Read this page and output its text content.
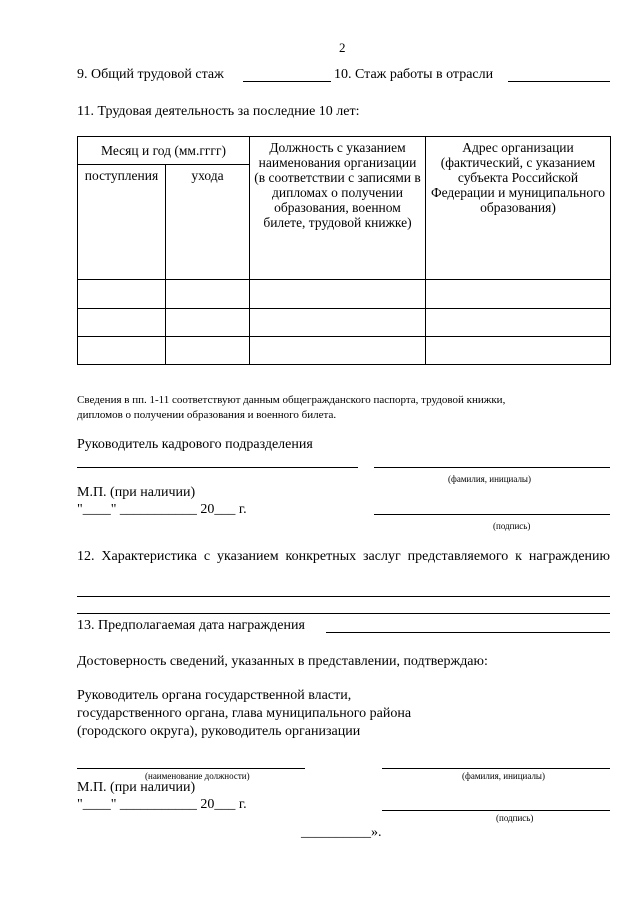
2
9. Общий трудовой стаж	10. Стаж работы в отрасли
11. Трудовая деятельность за последние 10 лет:
Месяц и год (мм.гггг)		Должность с указанием наименования организации (в соответствии с записями в дипломах о получении образования, военном билете, трудовой книжке)	Адрес организации (фактический, с указанием субъекта Российской Федерации и муниципального образования)
поступления	ухода		

Сведения в пп. 1-11 соответствуют данным общегражданского паспорта, трудовой книжки, дипломов о получении образования и военного билета.
Руководитель кадрового подразделения
(фамилия, инициалы)
М.П. (при наличии)
"____" ___________ 20___ г.
(подпись)
12. Характеристика с указанием конкретных заслуг представляемого к награждению
13. Предполагаемая дата награждения
Достоверность сведений, указанных в представлении, подтверждаю:
Руководитель органа государственной власти, государственного органа, глава муниципального района (городского округа), руководитель организации
(наименование должности)	(фамилия, инициалы)
М.П. (при наличии)
"____" ___________ 20___ г.
(подпись)
__________».
